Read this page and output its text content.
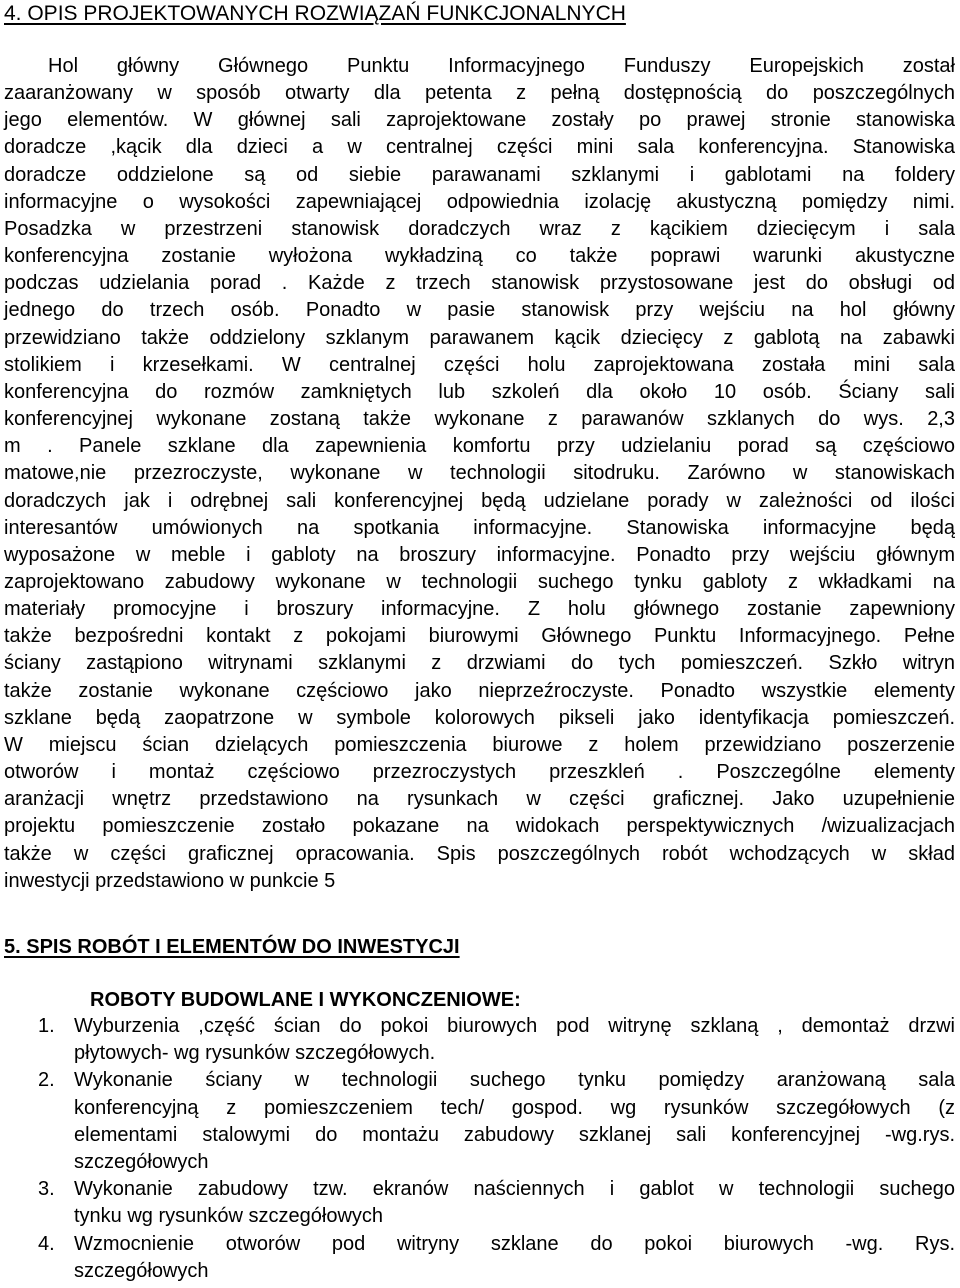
4. OPIS PROJEKTOWANYCH ROZWIĄZAŃ FUNKCJONALNYCH
Hol główny Głównego Punktu Informacyjnego Funduszy Europejskich został
zaaranżowany w sposób otwarty dla petenta z pełną dostępnością do poszczególnych
jego elementów. W głównej sali zaprojektowane zostały po prawej stronie stanowiska
doradcze ,kącik dla dzieci a w centralnej części mini sala konferencyjna. Stanowiska
doradcze oddzielone są od siebie parawanami szklanymi i gablotami na foldery
informacyjne o wysokości zapewniającej odpowiednia izolację akustyczną pomiędzy nimi.
Posadzka w przestrzeni stanowisk doradczych wraz z kącikiem dziecięcym i sala
konferencyjna zostanie wyłożona wykładziną co także poprawi warunki akustyczne
podczas udzielania porad . Każde z trzech stanowisk przystosowane jest do obsługi od
jednego do trzech osób. Ponadto w pasie stanowisk przy wejściu na hol główny
przewidziano także oddzielony szklanym parawanem kącik dziecięcy z gablotą na zabawki
stolikiem i krzesełkami. W centralnej części holu zaprojektowana została mini sala
konferencyjna do rozmów zamkniętych lub szkoleń dla około 10 osób. Ściany sali
konferencyjnej wykonane zostaną także wykonane z parawanów szklanych do wys. 2,3
m . Panele szklane dla zapewnienia komfortu przy udzielaniu porad są częściowo
matowe,nie przezroczyste, wykonane w technologii sitodruku. Zarówno w stanowiskach
doradczych jak i odrębnej sali konferencyjnej będą udzielane porady w zależności od ilości
interesantów umówionych na spotkania informacyjne. Stanowiska informacyjne będą
wyposażone w meble i gabloty na broszury informacyjne. Ponadto przy wejściu głównym
zaprojektowano zabudowy wykonane w technologii suchego tynku gabloty z wkładkami na
materiały promocyjne i broszury informacyjne. Z holu głównego zostanie zapewniony
także bezpośredni kontakt z pokojami biurowymi Głównego Punktu Informacyjnego. Pełne
ściany zastąpiono witrynami szklanymi z drzwiami do tych pomieszczeń. Szkło witryn
także zostanie wykonane częściowo jako nieprzeźroczyste. Ponadto wszystkie elementy
szklane będą zaopatrzone w symbole kolorowych pikseli jako identyfikacja pomieszczeń.
W miejscu ścian dzielących pomieszczenia biurowe z holem przewidziano poszerzenie
otworów i montaż częściowo przezroczystych przeszkleń . Poszczególne elementy
aranżacji wnętrz przedstawiono na rysunkach w części graficznej. Jako uzupełnienie
projektu pomieszczenie zostało pokazane na widokach perspektywicznych /wizualizacjach
także w części graficznej opracowania. Spis poszczególnych robót wchodzących w skład
inwestycji przedstawiono w punkcie 5
5. SPIS ROBÓT I ELEMENTÓW DO INWESTYCJI
ROBOTY BUDOWLANE I WYKONCZENIOWE:
1. Wyburzenia ,część ścian do pokoi biurowych pod witrynę szklaną , demontaż drzwi
płytowych- wg rysunków szczegółowych.
2. Wykonanie ściany w technologii suchego tynku pomiędzy aranżowaną sala
konferencyjną z pomieszczeniem tech/ gospod. wg rysunków szczegółowych (z
elementami stalowymi do montażu zabudowy szklanej sali konferencyjnej -wg.rys.
szczegółowych
3. Wykonanie zabudowy tzw. ekranów naściennych i gablot w technologii suchego
tynku wg rysunków szczegółowych
4. Wzmocnienie otworów pod witryny szklane do pokoi biurowych -wg. Rys.
szczegółowych
